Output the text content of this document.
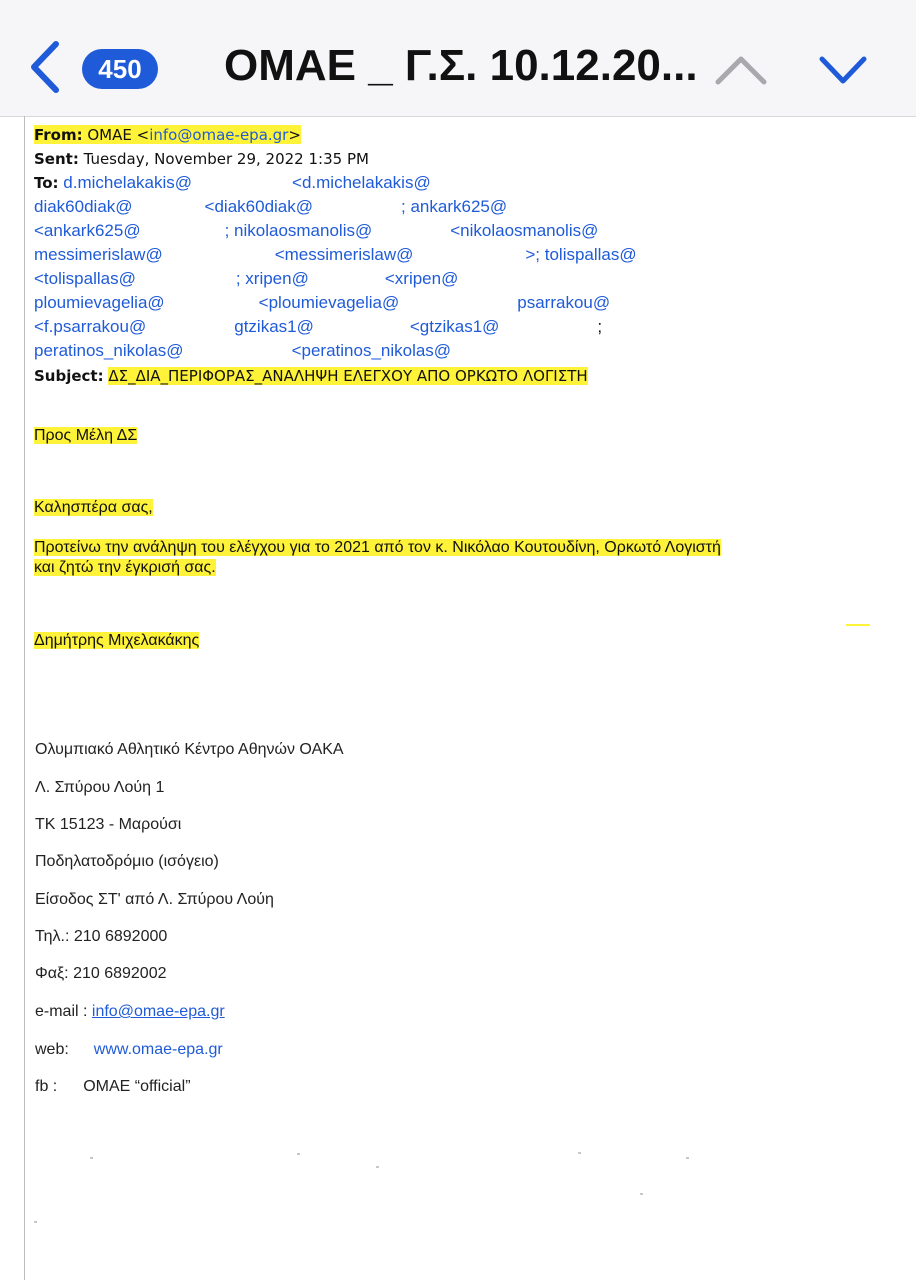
450	ΟΜΑΕ _ Γ.Σ. 10.12.20...
From: ΟΜΑΕ <info@omae-epa.gr>
Sent: Tuesday, November 29, 2022 1:35 PM
To: d.michelakakis@	<d.michelakakis@
diak60diak@	<diak60diak@	; ankark625@
<ankark625@	; nikolaosmanolis@	<nikolaosmanolis@
messimerislaw@	<messimerislaw@	>; tolispallas@
<tolispallas@	; xripen@	<xripen@
ploumievagelia@	<ploumievagelia@	psarrakou@
<f.psarrakou@	gtzikas1@	<gtzikas1@	;
peratinos_nikolas@	<peratinos_nikolas@
Subject: ΔΣ_ΔΙΑ_ΠΕΡΙΦΟΡΑΣ_ΑΝΑΛΗΨΗ ΕΛΕΓΧΟΥ ΑΠΟ ΟΡΚΩΤΟ ΛΟΓΙΣΤΗ
Προς Μέλη ΔΣ
Καλησπέρα σας,
Προτείνω την ανάληψη του ελέγχου για το 2021 από τον κ. Νικόλαο Κουτουδίνη, Ορκωτό Λογιστή
και ζητώ την έγκρισή σας.
Δημήτρης Μιχελακάκης
Ολυμπιακό Αθλητικό Κέντρο Αθηνών ΟΑΚΑ
Λ. Σπύρου Λούη 1
ΤΚ 15123 - Μαρούσι
Ποδηλατοδρόμιο (ισόγειο)
Είσοδος ΣΤ' από Λ. Σπύρου Λούη
Τηλ.: 210 6892000
Φαξ: 210 6892002
e-mail : info@omae-epa.gr
web: www.omae-epa.gr
fb : ΟΜΑΕ “official”
